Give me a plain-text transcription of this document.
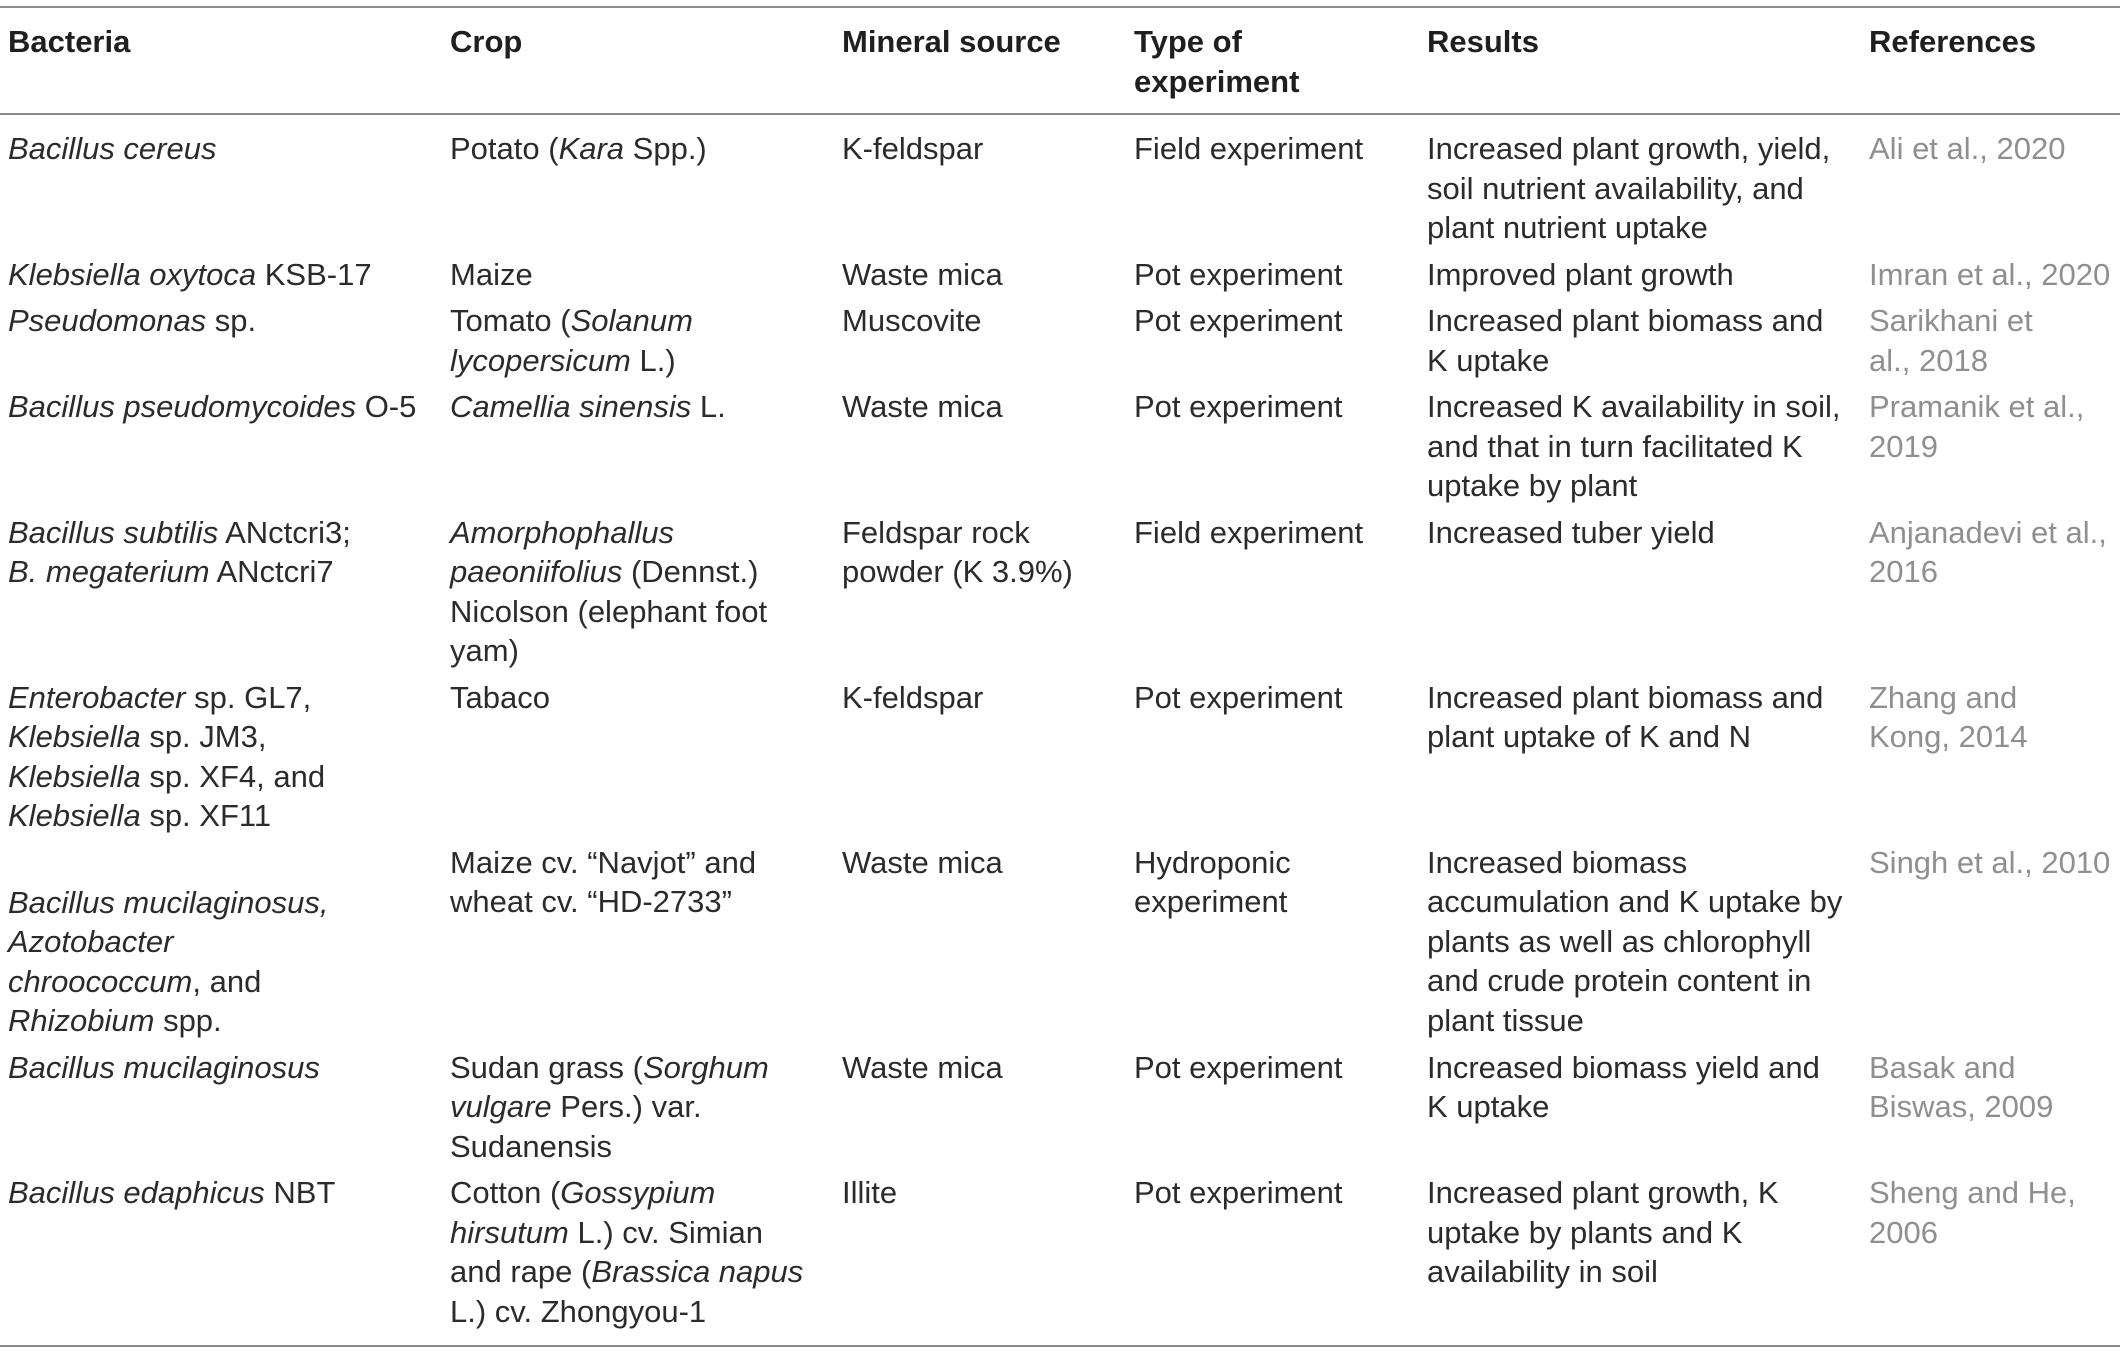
Bacteria	Crop	Mineral source	Type of experiment	Results	References
Bacillus cereus	Potato (Kara Spp.)	K-feldspar	Field experiment	Increased plant growth, yield, soil nutrient availability, and plant nutrient uptake	Ali et al., 2020
Klebsiella oxytoca KSB-17	Maize	Waste mica	Pot experiment	Improved plant growth	Imran et al., 2020
Pseudomonas sp.	Tomato (Solanum lycopersicum L.)	Muscovite	Pot experiment	Increased plant biomass and K uptake	Sarikhani et al., 2018
Bacillus pseudomycoides O-5	Camellia sinensis L.	Waste mica	Pot experiment	Increased K availability in soil, and that in turn facilitated K uptake by plant	Pramanik et al., 2019
Bacillus subtilis ANctcri3; B. megaterium ANctcri7	Amorphophallus paeoniifolius (Dennst.) Nicolson (elephant foot yam)	Feldspar rock powder (K 3.9%)	Field experiment	Increased tuber yield	Anjanadevi et al., 2016
Enterobacter sp. GL7, Klebsiella sp. JM3, Klebsiella sp. XF4, and Klebsiella sp. XF11	Tabaco	K-feldspar	Pot experiment	Increased plant biomass and plant uptake of K and N	Zhang and Kong, 2014
Bacillus mucilaginosus, Azotobacter chroococcum, and Rhizobium spp.	Maize cv. “Navjot” and wheat cv. “HD-2733”	Waste mica	Hydroponic experiment	Increased biomass accumulation and K uptake by plants as well as chlorophyll and crude protein content in plant tissue	Singh et al., 2010
Bacillus mucilaginosus	Sudan grass (Sorghum vulgare Pers.) var. Sudanensis	Waste mica	Pot experiment	Increased biomass yield and K uptake	Basak and Biswas, 2009
Bacillus edaphicus NBT	Cotton (Gossypium hirsutum L.) cv. Simian and rape (Brassica napus L.) cv. Zhongyou-1	Illite	Pot experiment	Increased plant growth, K uptake by plants and K availability in soil	Sheng and He, 2006
